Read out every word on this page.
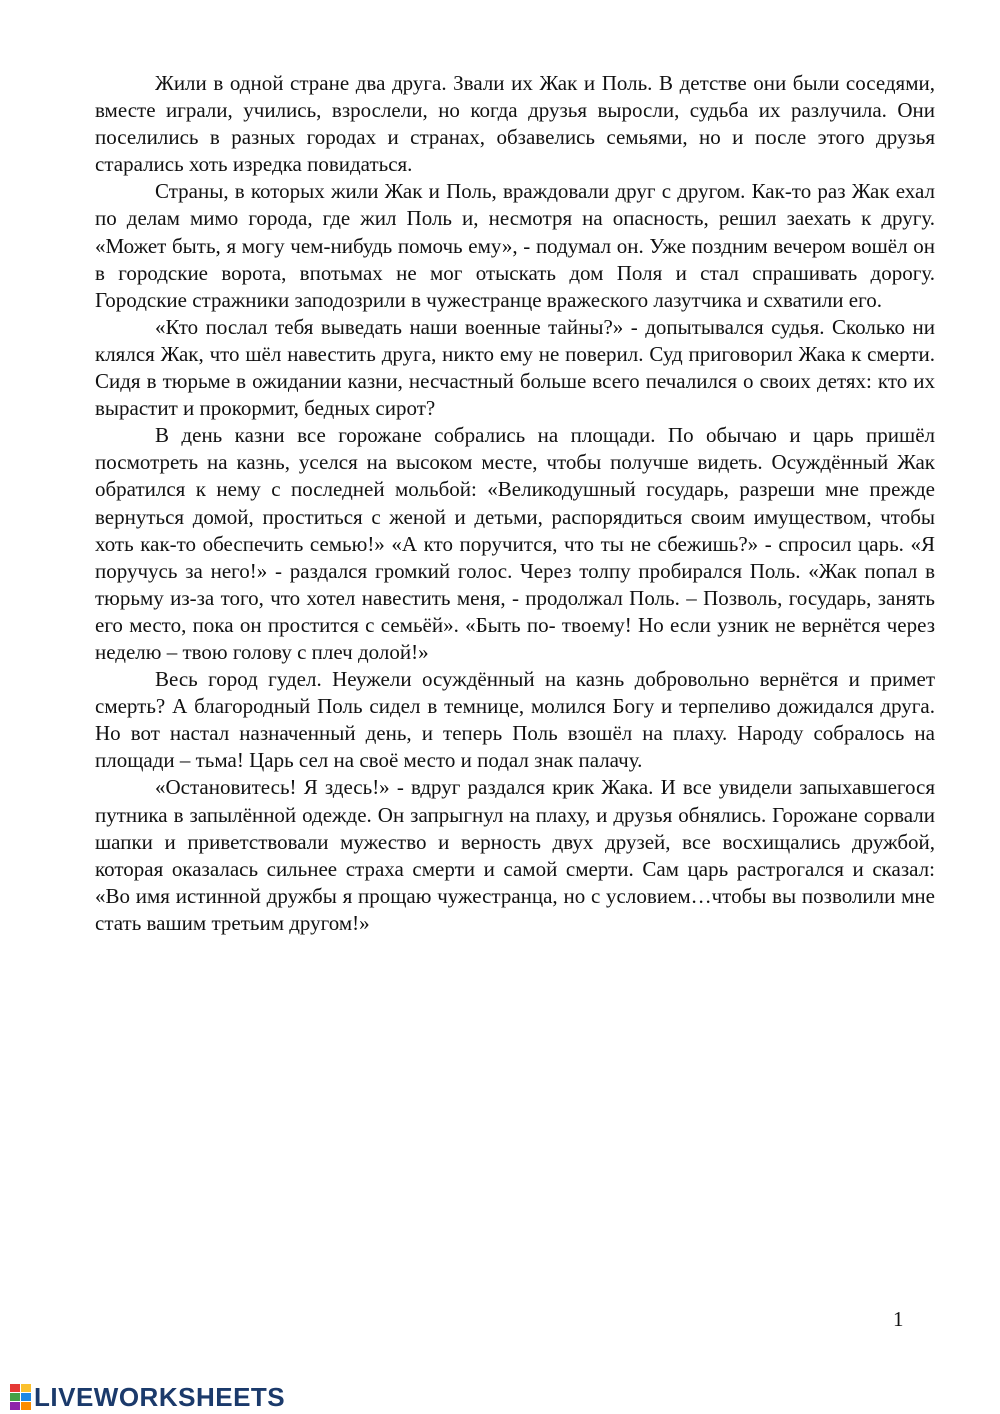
Жили в одной стране два друга. Звали их Жак и Поль. В детстве они были соседями, вместе играли, учились, взрослели, но когда друзья выросли, судьба их разлучила. Они поселились в разных городах и странах, обзавелись семьями, но и после этого друзья старались хоть изредка повидаться.

Страны, в которых жили Жак и Поль, враждовали друг с другом. Как-то раз Жак ехал по делам мимо города, где жил Поль и, несмотря на опасность, решил заехать к другу. «Может быть, я могу чем-нибудь помочь ему», - подумал он. Уже поздним вечером вошёл он в городские ворота, впотьмах не мог отыскать дом Поля и стал спрашивать дорогу. Городские стражники заподозрили в чужестранце вражеского лазутчика и схватили его.

«Кто послал тебя выведать наши военные тайны?» - допытывался судья. Сколько ни клялся Жак, что шёл навестить друга, никто ему не поверил. Суд приговорил Жака к смерти. Сидя в тюрьме в ожидании казни, несчастный больше всего печалился о своих детях: кто их вырастит и прокормит, бедных сирот?

В день казни все горожане собрались на площади. По обычаю и царь пришёл посмотреть на казнь, уселся на высоком месте, чтобы получше видеть. Осуждённый Жак обратился к нему с последней мольбой: «Великодушный государь, разреши мне прежде вернуться домой, проститься с женой и детьми, распорядиться своим имуществом, чтобы хоть как-то обеспечить семью!» «А кто поручится, что ты не сбежишь?» - спросил царь. «Я поручусь за него!» - раздался громкий голос. Через толпу пробирался Поль. «Жак попал в тюрьму из-за того, что хотел навестить меня, - продолжал Поль. – Позволь, государь, занять его место, пока он простится с семьёй». «Быть по- твоему! Но если узник не вернётся через неделю – твою голову с плеч долой!»

Весь город гудел. Неужели осуждённый на казнь добровольно вернётся и примет смерть? А благородный Поль сидел в темнице, молился Богу и терпеливо дожидался друга. Но вот настал назначенный день, и теперь Поль взошёл на плаху. Народу собралось на площади – тьма! Царь сел на своё место и подал знак палачу.

«Остановитесь! Я здесь!» - вдруг раздался крик Жака. И все увидели запыхавшегося путника в запылённой одежде. Он запрыгнул на плаху, и друзья обнялись. Горожане сорвали шапки и приветствовали мужество и верность двух друзей, все восхищались дружбой, которая оказалась сильнее страха смерти и самой смерти. Сам царь растрогался и сказал: «Во имя истинной дружбы я прощаю чужестранца, но с условием…чтобы вы позволили мне стать вашим третьим другом!»

1
LIVEWORKSHEETS
